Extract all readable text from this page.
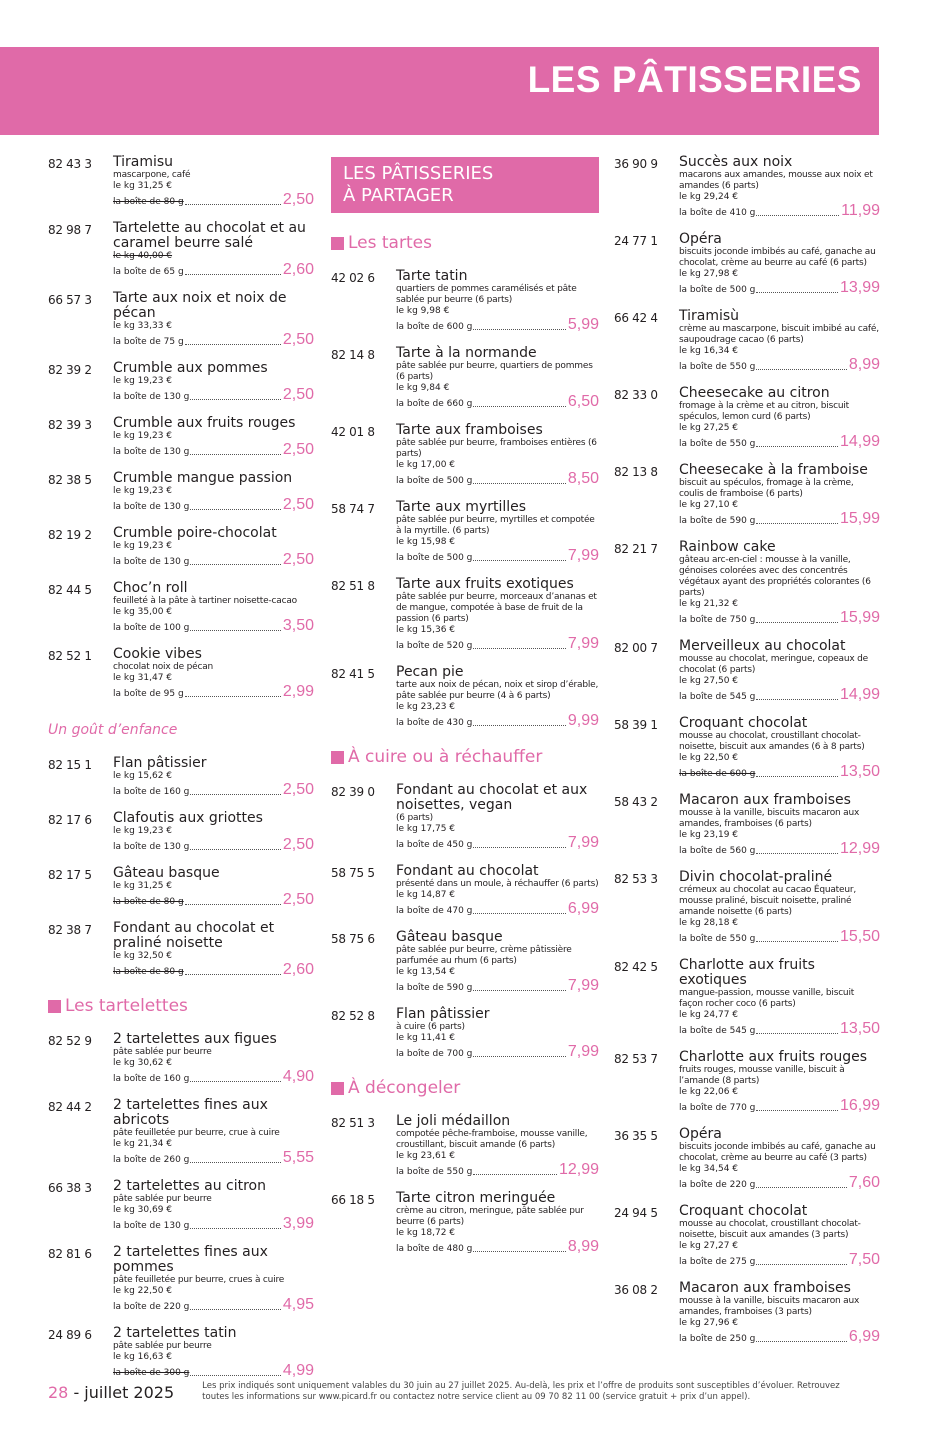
LES PÂTISSERIES
82 43 3	Tiramisu
mascarpone, café
le kg 31,25 €
la boîte de 80 g	2,50
82 98 7	Tartelette au chocolat et au caramel beurre salé
le kg 40,00 €
la boîte de 65 g	2,60
66 57 3	Tarte aux noix et noix de pécan
le kg 33,33 €
la boîte de 75 g	2,50
82 39 2	Crumble aux pommes
le kg 19,23 €
la boîte de 130 g	2,50
82 39 3	Crumble aux fruits rouges
le kg 19,23 €
la boîte de 130 g	2,50
82 38 5	Crumble mangue passion
le kg 19,23 €
la boîte de 130 g	2,50
82 19 2	Crumble poire-chocolat
le kg 19,23 €
la boîte de 130 g	2,50
82 44 5	Choc’n roll
feuilleté à la pâte à tartiner noisette-cacao
le kg 35,00 €
la boîte de 100 g	3,50
82 52 1	Cookie vibes
chocolat noix de pécan
le kg 31,47 €
la boîte de 95 g	2,99
Un goût d’enfance
82 15 1	Flan pâtissier
le kg 15,62 €
la boîte de 160 g	2,50
82 17 6	Clafoutis aux griottes
le kg 19,23 €
la boîte de 130 g	2,50
82 17 5	Gâteau basque
le kg 31,25 €
la boîte de 80 g	2,50
82 38 7	Fondant au chocolat et praliné noisette
le kg 32,50 €
la boîte de 80 g	2,60
Les tartelettes
82 52 9	2 tartelettes aux figues
pâte sablée pur beurre
le kg 30,62 €
la boîte de 160 g	4,90
82 44 2	2 tartelettes fines aux abricots
pâte feuilletée pur beurre, crue à cuire
le kg 21,34 €
la boîte de 260 g	5,55
66 38 3	2 tartelettes au citron
pâte sablée pur beurre
le kg 30,69 €
la boîte de 130 g	3,99
82 81 6	2 tartelettes fines aux pommes
pâte feuilletée pur beurre, crues à cuire
le kg 22,50 €
la boîte de 220 g	4,95
24 89 6	2 tartelettes tatin
pâte sablée pur beurre
le kg 16,63 €
la boîte de 300 g	4,99
LES PÂTISSERIES À PARTAGER
Les tartes
42 02 6	Tarte tatin
quartiers de pommes caramélisés et pâte sablée pur beurre (6 parts)
le kg 9,98 €
la boîte de 600 g	5,99
82 14 8	Tarte à la normande
pâte sablée pur beurre, quartiers de pommes (6 parts)
le kg 9,84 €
la boîte de 660 g	6,50
42 01 8	Tarte aux framboises
pâte sablée pur beurre, framboises entières (6 parts)
le kg 17,00 €
la boîte de 500 g	8,50
58 74 7	Tarte aux myrtilles
pâte sablée pur beurre, myrtilles et compotée à la myrtille. (6 parts)
le kg 15,98 €
la boîte de 500 g	7,99
82 51 8	Tarte aux fruits exotiques
pâte sablée pur beurre, morceaux d’ananas et de mangue, compotée à base de fruit de la passion (6 parts)
le kg 15,36 €
la boîte de 520 g	7,99
82 41 5	Pecan pie
tarte aux noix de pécan, noix et sirop d’érable, pâte sablée pur beurre (4 à 6 parts)
le kg 23,23 €
la boîte de 430 g	9,99
À cuire ou à réchauffer
82 39 0	Fondant au chocolat et aux noisettes, vegan
(6 parts)
le kg 17,75 €
la boîte de 450 g	7,99
58 75 5	Fondant au chocolat
présenté dans un moule, à réchauffer (6 parts)
le kg 14,87 €
la boîte de 470 g	6,99
58 75 6	Gâteau basque
pâte sablée pur beurre, crème pâtissière parfumée au rhum (6 parts)
le kg 13,54 €
la boîte de 590 g	7,99
82 52 8	Flan pâtissier
à cuire (6 parts)
le kg 11,41 €
la boîte de 700 g	7,99
À décongeler
82 51 3	Le joli médaillon
compotée pêche-framboise, mousse vanille, croustillant, biscuit amande (6 parts)
le kg 23,61 €
la boîte de 550 g	12,99
66 18 5	Tarte citron meringuée
crème au citron, meringue, pâte sablée pur beurre (6 parts)
le kg 18,72 €
la boîte de 480 g	8,99
36 90 9	Succès aux noix
macarons aux amandes, mousse aux noix et amandes (6 parts)
le kg 29,24 €
la boîte de 410 g	11,99
24 77 1	Opéra
biscuits joconde imbibés au café, ganache au chocolat, crème au beurre au café (6 parts)
le kg 27,98 €
la boîte de 500 g	13,99
66 42 4	Tiramisù
crème au mascarpone, biscuit imbibé au café, saupoudrage cacao (6 parts)
le kg 16,34 €
la boîte de 550 g	8,99
82 33 0	Cheesecake au citron
fromage à la crème et au citron, biscuit spéculos, lemon curd (6 parts)
le kg 27,25 €
la boîte de 550 g	14,99
82 13 8	Cheesecake à la framboise
biscuit au spéculos, fromage à la crème, coulis de framboise (6 parts)
le kg 27,10 €
la boîte de 590 g	15,99
82 21 7	Rainbow cake
gâteau arc-en-ciel : mousse à la vanille, génoises colorées avec des concentrés végétaux ayant des propriétés colorantes (6 parts)
le kg 21,32 €
la boîte de 750 g	15,99
82 00 7	Merveilleux au chocolat
mousse au chocolat, meringue, copeaux de chocolat (6 parts)
le kg 27,50 €
la boîte de 545 g	14,99
58 39 1	Croquant chocolat
mousse au chocolat, croustillant chocolat-noisette, biscuit aux amandes (6 à 8 parts)
le kg 22,50 €
la boîte de 600 g	13,50
58 43 2	Macaron aux framboises
mousse à la vanille, biscuits macaron aux amandes, framboises (6 parts)
le kg 23,19 €
la boîte de 560 g	12,99
82 53 3	Divin chocolat-praliné
crémeux au chocolat au cacao Équateur, mousse praliné, biscuit noisette, praliné amande noisette (6 parts)
le kg 28,18 €
la boîte de 550 g	15,50
82 42 5	Charlotte aux fruits exotiques
mangue-passion, mousse vanille, biscuit façon rocher coco (6 parts)
le kg 24,77 €
la boîte de 545 g	13,50
82 53 7	Charlotte aux fruits rouges
fruits rouges, mousse vanille, biscuit à l’amande (8 parts)
le kg 22,06 €
la boîte de 770 g	16,99
36 35 5	Opéra
biscuits joconde imbibés au café, ganache au chocolat, crème au beurre au café (3 parts)
le kg 34,54 €
la boîte de 220 g	7,60
24 94 5	Croquant chocolat
mousse au chocolat, croustillant chocolat-noisette, biscuit aux amandes (3 parts)
le kg 27,27 €
la boîte de 275 g	7,50
36 08 2	Macaron aux framboises
mousse à la vanille, biscuits macaron aux amandes, framboises (3 parts)
le kg 27,96 €
la boîte de 250 g	6,99
28 - juillet 2025	Les prix indiqués sont uniquement valables du 30 juin au 27 juillet 2025. Au-delà, les prix et l’offre de produits sont susceptibles d’évoluer. Retrouvez toutes les informations sur www.picard.fr ou contactez notre service client au 09 70 82 11 00 (service gratuit + prix d’un appel).
